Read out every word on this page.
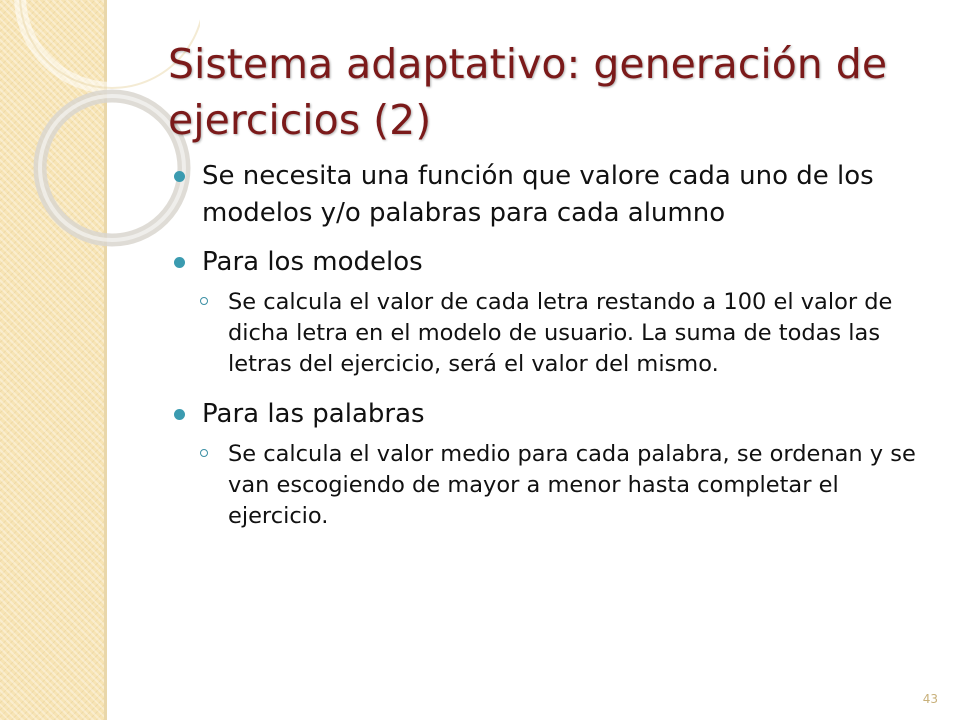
Sistema adaptativo: generación de ejercicios (2)
Se necesita una función que valore cada uno de los modelos y/o palabras para cada alumno
Para los modelos
Se calcula el valor de cada letra restando a 100 el valor de dicha letra en el modelo de usuario. La suma de todas las letras del ejercicio, será el valor del mismo.
Para las palabras
Se calcula el valor medio para cada palabra, se ordenan y se van escogiendo de mayor a menor hasta completar el ejercicio.
43
